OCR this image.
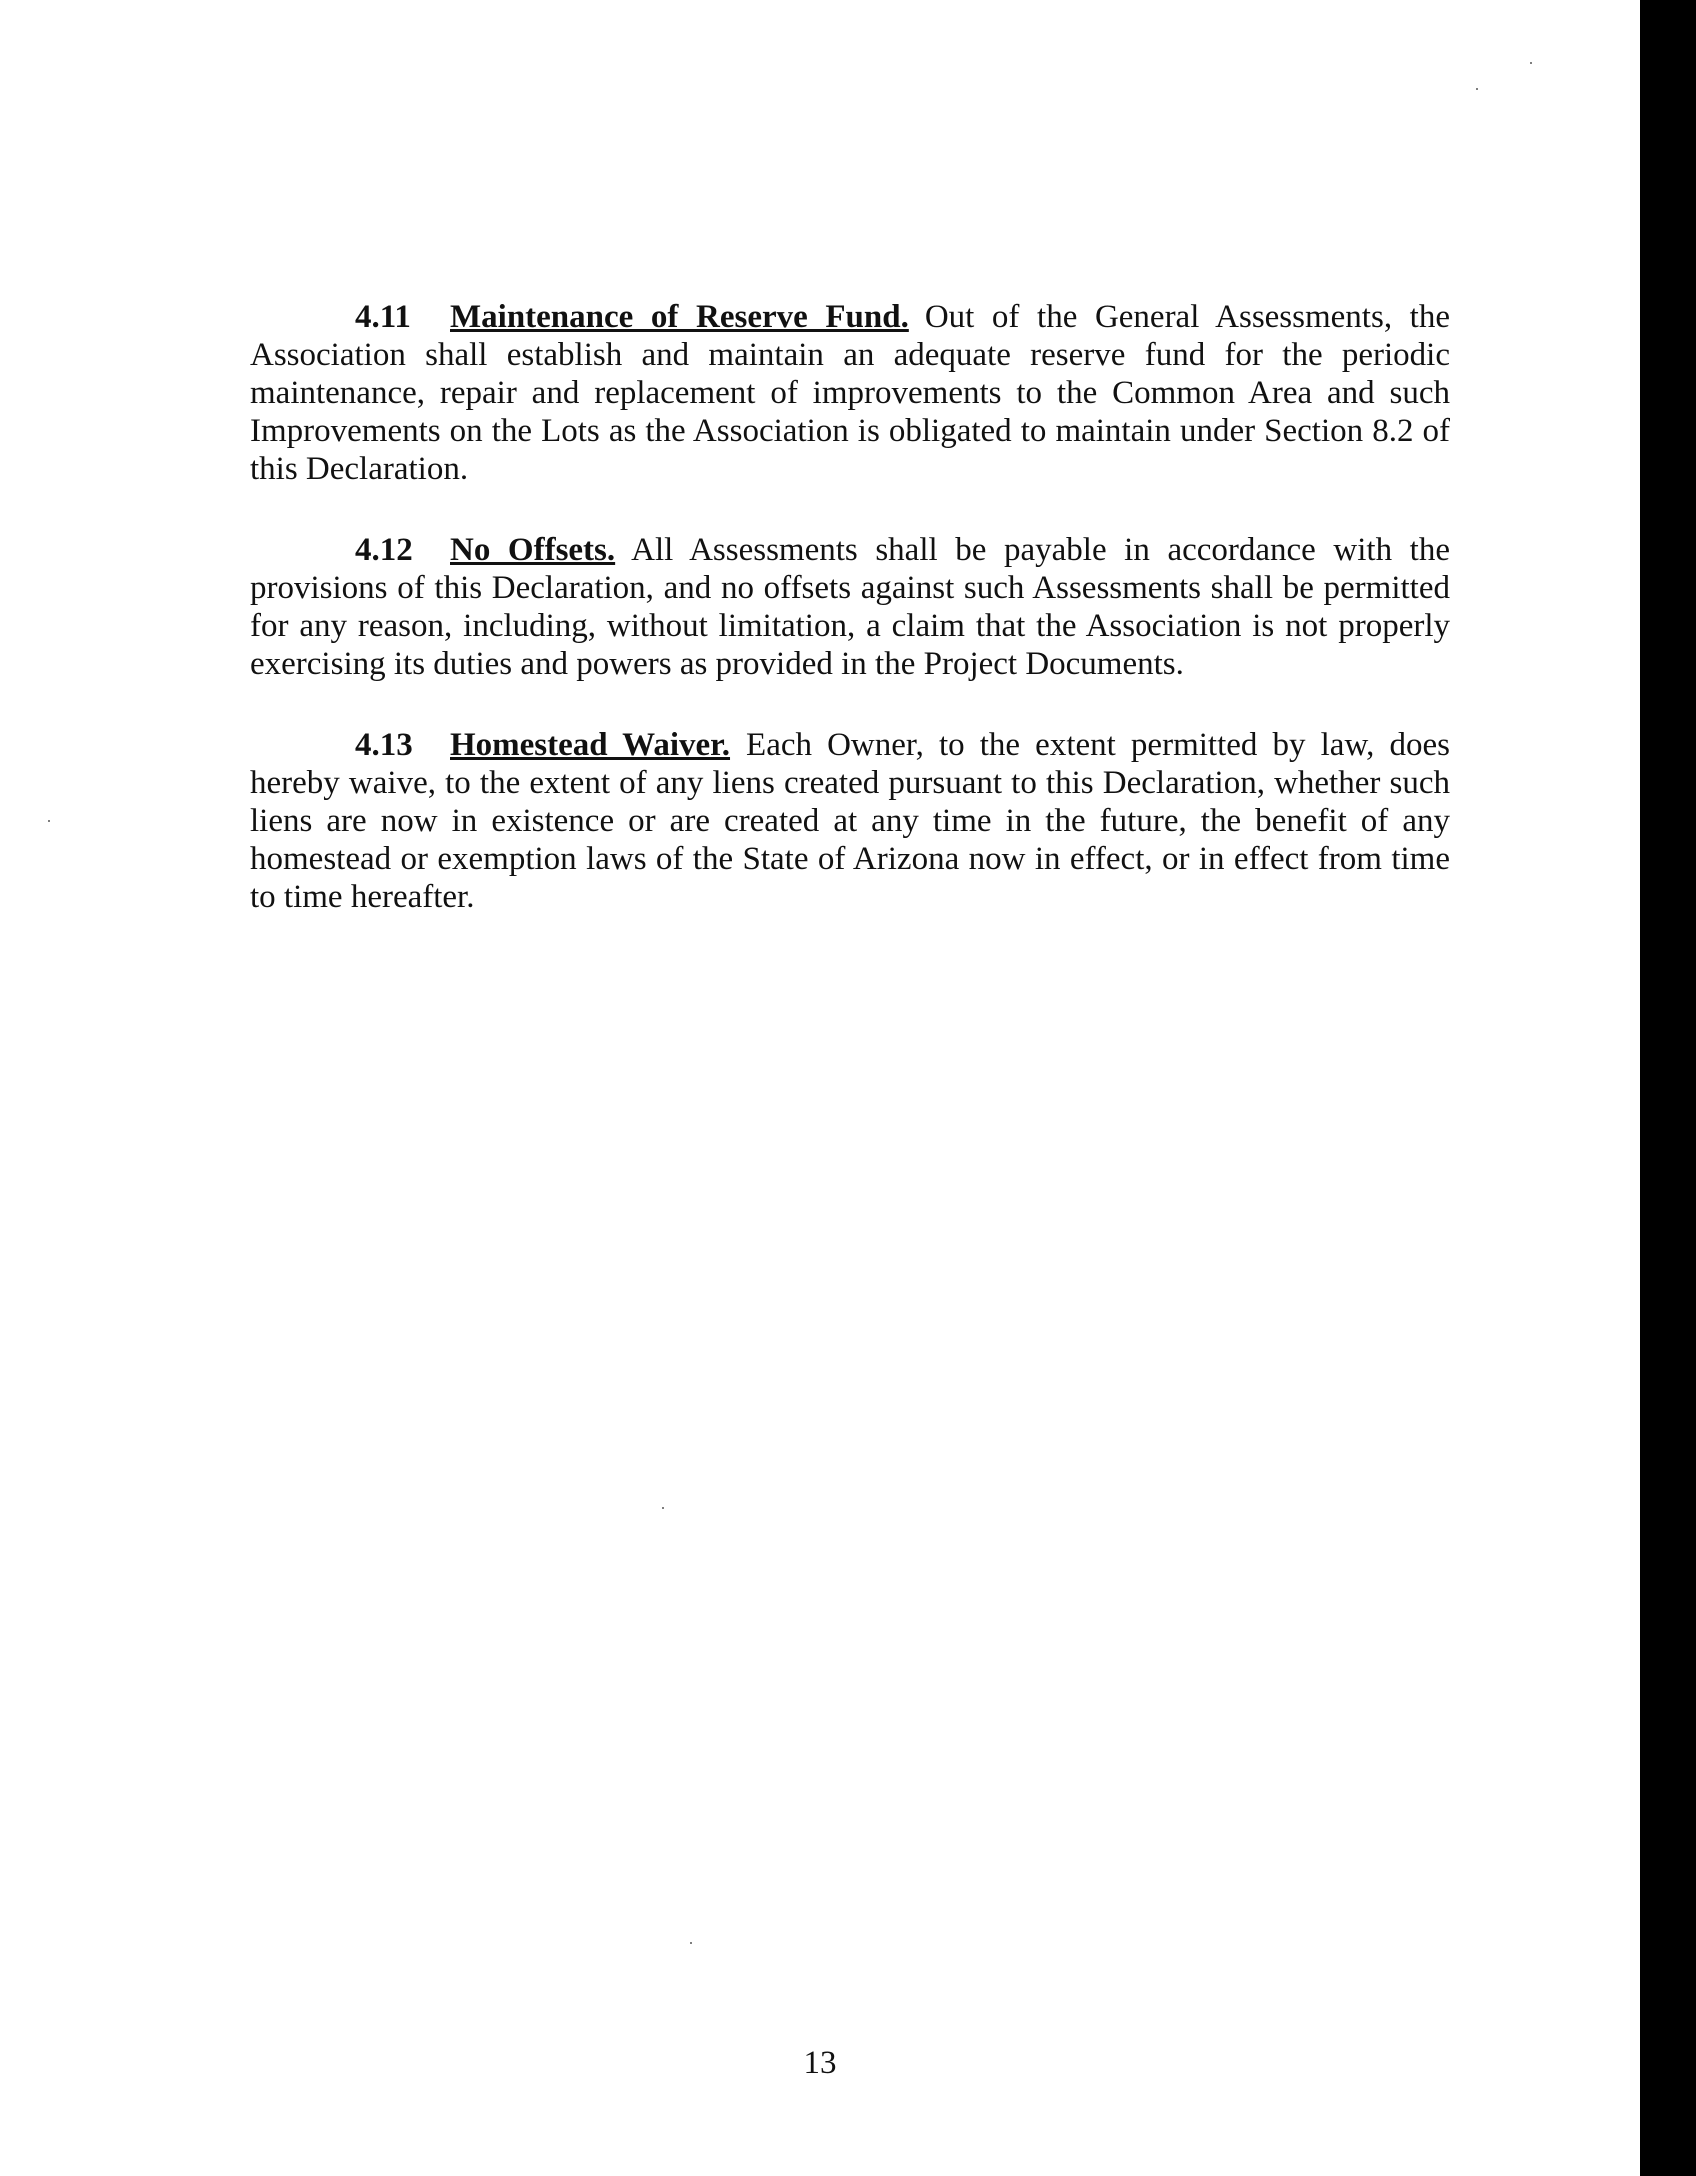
4.11 Maintenance of Reserve Fund. Out of the General Assessments, the Association shall establish and maintain an adequate reserve fund for the periodic maintenance, repair and replacement of improvements to the Common Area and such Improvements on the Lots as the Association is obligated to maintain under Section 8.2 of this Declaration.

4.12 No Offsets. All Assessments shall be payable in accordance with the provisions of this Declaration, and no offsets against such Assessments shall be permitted for any reason, including, without limitation, a claim that the Association is not properly exercising its duties and powers as provided in the Project Documents.

4.13 Homestead Waiver. Each Owner, to the extent permitted by law, does hereby waive, to the extent of any liens created pursuant to this Declaration, whether such liens are now in existence or are created at any time in the future, the benefit of any homestead or exemption laws of the State of Arizona now in effect, or in effect from time to time hereafter.

13
